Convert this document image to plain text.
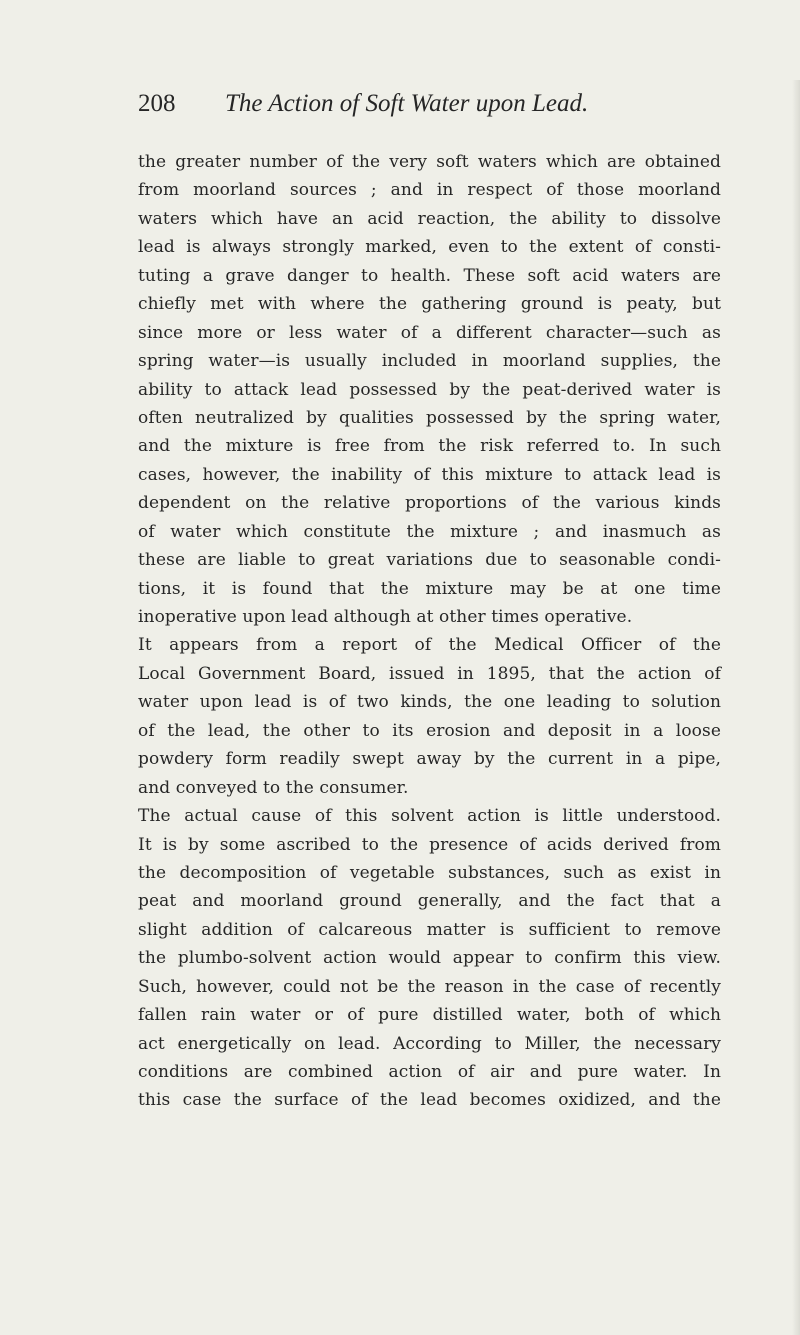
208 The Action of Soft Water upon Lead.
the greater number of the very soft waters which are obtained
from moorland sources ; and in respect of those moorland
waters which have an acid reaction, the ability to dissolve
lead is always strongly marked, even to the extent of consti-
tuting a grave danger to health. These soft acid waters are
chiefly met with where the gathering ground is peaty, but
since more or less water of a different character—such as
spring water—is usually included in moorland supplies, the
ability to attack lead possessed by the peat-derived water is
often neutralized by qualities possessed by the spring water,
and the mixture is free from the risk referred to. In such
cases, however, the inability of this mixture to attack lead is
dependent on the relative proportions of the various kinds
of water which constitute the mixture ; and inasmuch as
these are liable to great variations due to seasonable condi-
tions, it is found that the mixture may be at one time
inoperative upon lead although at other times operative.
It appears from a report of the Medical Officer of the
Local Government Board, issued in 1895, that the action of
water upon lead is of two kinds, the one leading to solution
of the lead, the other to its erosion and deposit in a loose
powdery form readily swept away by the current in a pipe,
and conveyed to the consumer.
The actual cause of this solvent action is little understood.
It is by some ascribed to the presence of acids derived from
the decomposition of vegetable substances, such as exist in
peat and moorland ground generally, and the fact that a
slight addition of calcareous matter is sufficient to remove
the plumbo-solvent action would appear to confirm this view.
Such, however, could not be the reason in the case of recently
fallen rain water or of pure distilled water, both of which
act energetically on lead. According to Miller, the necessary
conditions are combined action of air and pure water. In
this case the surface of the lead becomes oxidized, and the
